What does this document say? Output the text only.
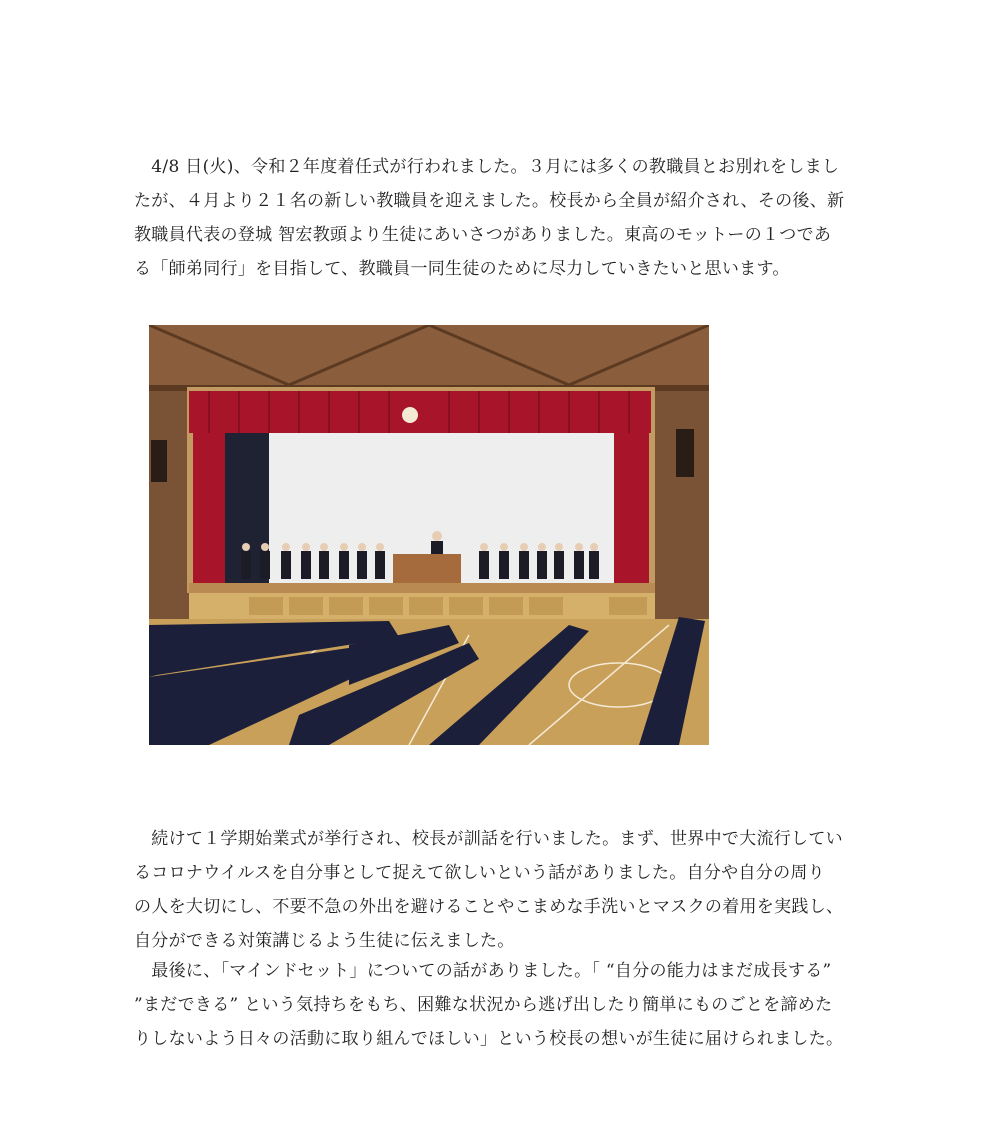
　4/8 日(火)、令和２年度着任式が行われました。３月には多くの教職員とお別れをしまし
たが、４月より２１名の新しい教職員を迎えました。校長から全員が紹介され、その後、新
教職員代表の登城 智宏教頭より生徒にあいさつがありました。東高のモットーの１つであ
る「師弟同行」を目指して、教職員一同生徒のために尽力していきたいと思います。
　続けて１学期始業式が挙行され、校長が訓話を行いました。まず、世界中で大流行してい
るコロナウイルスを自分事として捉えて欲しいという話がありました。自分や自分の周り
の人を大切にし、不要不急の外出を避けることやこまめな手洗いとマスクの着用を実践し、
自分ができる対策講じるよう生徒に伝えました。
　最後に、「マインドセット」についての話がありました。「 “自分の能力はまだ成長する”
”まだできる” という気持ちをもち、困難な状況から逃げ出したり簡単にものごとを諦めた
りしないよう日々の活動に取り組んでほしい」という校長の想いが生徒に届けられました。
